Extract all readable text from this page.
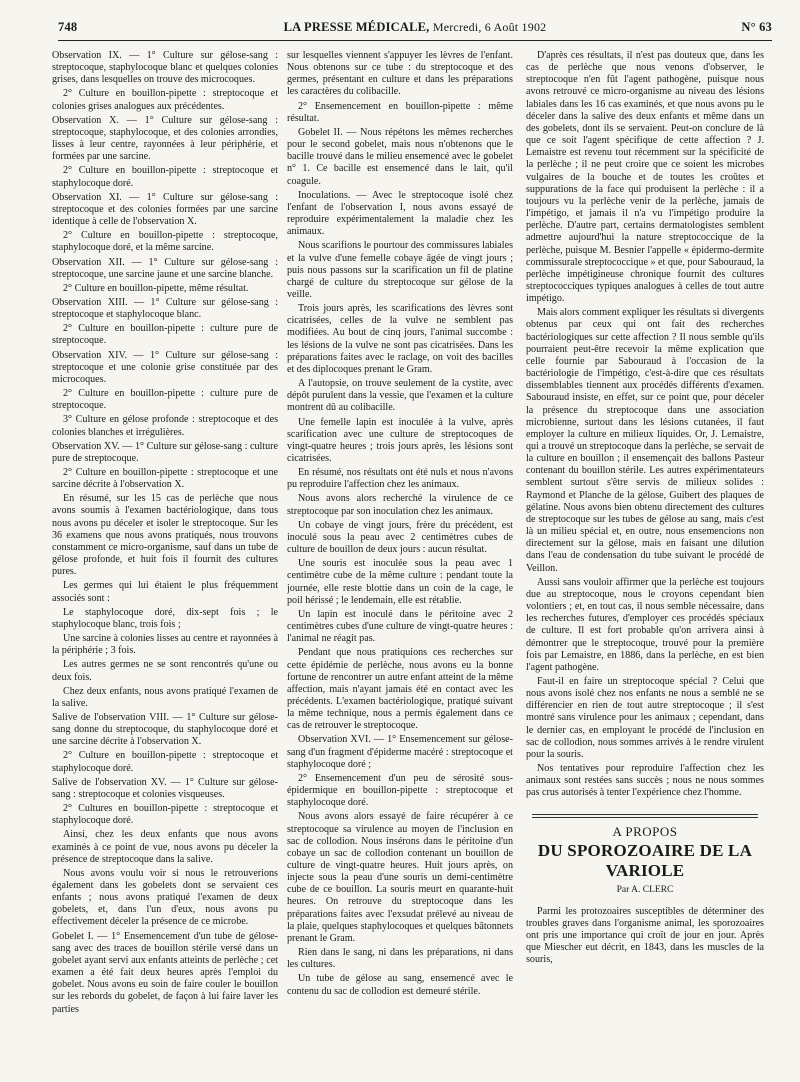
748	LA PRESSE MÉDICALE, Mercredi, 6 Août 1902	N° 63

Observation IX. — 1° Culture sur gélose-sang : streptocoque, staphylocoque blanc et quelques colonies grises, dans lesquelles on trouve des microcoques.

2° Culture en bouillon-pipette : streptocoque et colonies grises analogues aux précédentes.

Observation X. — 1° Culture sur gélose-sang : streptocoque, staphylocoque, et des colonies arrondies, lisses à leur centre, rayonnées à leur périphérie, et formées par une sarcine.

2° Culture en bouillon-pipette : streptocoque et staphylocoque doré.

Observation XI. — 1° Culture sur gélose-sang : streptocoque et des colonies formées par une sarcine identique à celle de l'observation X.

2° Culture en bouillon-pipette : streptocoque, staphylocoque doré, et la même sarcine.

Observation XII. — 1° Culture sur gélose-sang : streptocoque, une sarcine jaune et une sarcine blanche.

2° Culture en bouillon-pipette, même résultat.

Observation XIII. — 1° Culture sur gélose-sang : streptocoque et staphylocoque blanc.

2° Culture en bouillon-pipette : culture pure de streptocoque.

Observation XIV. — 1° Culture sur gélose-sang : streptocoque et une colonie grise constituée par des microcoques.

2° Culture en bouillon-pipette : culture pure de streptocoque.

3° Culture en gélose profonde : streptocoque et des colonies blanches et irrégulières.

Observation XV. — 1° Culture sur gélose-sang : culture pure de streptocoque.

2° Culture en bouillon-pipette : streptocoque et une sarcine décrite à l'observation X.

En résumé, sur les 15 cas de perlèche que nous avons soumis à l'examen bactériologique, dans tous nous avons pu déceler et isoler le streptocoque. Sur les 36 examens que nous avons pratiqués, nous trouvons constamment ce micro-organisme, sauf dans un tube de gélose profonde, et huit fois il fournit des cultures pures.

Les germes qui lui étaient le plus fréquemment associés sont :

Le staphylocoque doré, dix-sept fois ; le staphylocoque blanc, trois fois ;

Une sarcine à colonies lisses au centre et rayonnées à la périphérie ; 3 fois.

Les autres germes ne se sont rencontrés qu'une ou deux fois.

Chez deux enfants, nous avons pratiqué l'examen de la salive.

Salive de l'observation VIII. — 1° Culture sur gélose-sang donne du streptocoque, du staphylocoque doré et une sarcine décrite à l'observation X.

2° Culture en bouillon-pipette : streptocoque et staphylocoque doré.

Salive de l'observation XV. — 1° Culture sur gélose-sang : streptocoque et colonies visqueuses.

2° Cultures en bouillon-pipette : streptocoque et staphylocoque doré.

Ainsi, chez les deux enfants que nous avons examinés à ce point de vue, nous avons pu déceler la présence de streptocoque dans la salive.

Nous avons voulu voir si nous le retrouverions également dans les gobelets dont se servaient ces enfants ; nous avons pratiqué l'examen de deux gobelets, et, dans l'un d'eux, nous avons pu effectivement déceler la présence de ce microbe.

Gobelet I. — 1° Ensemencement d'un tube de gélose-sang avec des traces de bouillon stérile versé dans un gobelet ayant servi aux enfants atteints de perlèche ; cet examen a été fait deux heures après l'emploi du gobelet. Nous avons eu soin de faire couler le bouillon sur les rebords du gobelet, de façon à lui faire laver les parties

sur lesquelles viennent s'appuyer les lèvres de l'enfant. Nous obtenons sur ce tube : du streptocoque et des germes, présentant en culture et dans les préparations les caractères du colibacille.

2° Ensemencement en bouillon-pipette : même résultat.

Gobelet II. — Nous répétons les mêmes recherches pour le second gobelet, mais nous n'obtenons que le bacille trouvé dans le milieu ensemencé avec le gobelet n° 1. Ce bacille est ensemencé dans le lait, qu'il coagule.

Inoculations. — Avec le streptocoque isolé chez l'enfant de l'observation I, nous avons essayé de reproduire expérimentalement la maladie chez les animaux.

Nous scarifions le pourtour des commissures labiales et la vulve d'une femelle cobaye âgée de vingt jours ; puis nous passons sur la scarification un fil de platine chargé de culture du streptocoque sur gélose de la veille.

Trois jours après, les scarifications des lèvres sont cicatrisées, celles de la vulve ne semblent pas modifiées. Au bout de cinq jours, l'animal succombe : les lésions de la vulve ne sont pas cicatrisées. Dans les préparations faites avec le raclage, on voit des bacilles et des diplocoques prenant le Gram.

A l'autopsie, on trouve seulement de la cystite, avec dépôt purulent dans la vessie, que l'examen et la culture montrent dû au colibacille.

Une femelle lapin est inoculée à la vulve, après scarification avec une culture de streptocoques de vingt-quatre heures ; trois jours après, les lésions sont cicatrisées.

En résumé, nos résultats ont été nuls et nous n'avons pu reproduire l'affection chez les animaux.

Nous avons alors recherché la virulence de ce streptocoque par son inoculation chez les animaux.

Un cobaye de vingt jours, frère du précédent, est inoculé sous la peau avec 2 centimètres cubes de culture de bouillon de deux jours : aucun résultat.

Une souris est inoculée sous la peau avec 1 centimètre cube de la même culture : pendant toute la journée, elle reste blottie dans un coin de la cage, le poil hérissé ; le lendemain, elle est rétablie.

Un lapin est inoculé dans le péritoine avec 2 centimètres cubes d'une culture de vingt-quatre heures : l'animal ne réagit pas.

Pendant que nous pratiquions ces recherches sur cette épidémie de perlèche, nous avons eu la bonne fortune de rencontrer un autre enfant atteint de la même affection, mais n'ayant jamais été en contact avec les précédents. L'examen bactériologique, pratiqué suivant la même technique, nous a permis également dans ce cas de retrouver le streptocoque.

Observation XVI. — 1° Ensemencement sur gélose-sang d'un fragment d'épiderme macéré : streptocoque et staphylocoque doré ;

2° Ensemencement d'un peu de sérosité sous-épidermique en bouillon-pipette : streptocoque et staphylocoque doré.

Nous avons alors essayé de faire récupérer à ce streptocoque sa virulence au moyen de l'inclusion en sac de collodion. Nous insérons dans le péritoine d'un cobaye un sac de collodion contenant un bouillon de culture de vingt-quatre heures. Huit jours après, on injecte sous la peau d'une souris un demi-centimètre cube de ce bouillon. La souris meurt en quarante-huit heures. On retrouve du streptocoque dans les préparations faites avec l'exsudat prélevé au niveau de la plaie, quelques staphylocoques et quelques bâtonnets prenant le Gram.

Rien dans le sang, ni dans les préparations, ni dans les cultures.

Un tube de gélose au sang, ensemencé avec le contenu du sac de collodion est demeuré stérile.

D'après ces résultats, il n'est pas douteux que, dans les cas de perlèche que nous venons d'observer, le streptocoque n'en fût l'agent pathogène, puisque nous avons retrouvé ce micro-organisme au niveau des lésions labiales dans les 16 cas examinés, et que nous avons pu le déceler dans la salive des deux enfants et même dans un des gobelets, dont ils se servaient. Peut-on conclure de là que ce soit l'agent spécifique de cette affection ? J. Lemaistre est revenu tout récemment sur la spécificité de la perlèche ; il ne peut croire que ce soient les microbes vulgaires de la bouche et de toutes les croûtes et suppurations de la face qui produisent la perlèche : il a toujours vu la perlèche venir de la perlèche, jamais de l'impétigo, et jamais il n'a vu l'impétigo produire la perlèche. D'autre part, certains dermatologistes semblent admettre aujourd'hui la nature streptococcique de la perlèche, puisque M. Besnier l'appelle « épidermo-dermite commissurale streptococcique » et que, pour Sabouraud, la perlèche impétigineuse chronique fournit des cultures streptococciques typiques analogues à celles de tout autre impétigo.

Mais alors comment expliquer les résultats si divergents obtenus par ceux qui ont fait des recherches bactériologiques sur cette affection ? Il nous semble qu'ils pourraient peut-être recevoir la même explication que celle fournie par Sabouraud à l'occasion de la bactériologie de l'impétigo, c'est-à-dire que ces résultats dissemblables tiennent aux procédés différents d'examen. Sabouraud insiste, en effet, sur ce point que, pour déceler la présence du streptocoque dans une association microbienne, surtout dans les lésions cutanées, il faut employer la culture en milieux liquides. Or, J. Lemaistre, qui a trouvé un streptocoque dans la perlèche, se servait de la culture en bouillon ; il ensemençait des ballons Pasteur contenant du bouillon stérile. Les autres expérimentateurs semblent surtout s'être servis de milieux solides : Raymond et Planche de la gélose, Guibert des plaques de gélatine. Nous avons bien obtenu directement des cultures de streptocoque sur les tubes de gélose au sang, mais c'est là un milieu spécial et, en outre, nous ensemencions non directement sur la gélose, mais en faisant une dilution dans l'eau de condensation du tube suivant le procédé de Veillon.

Aussi sans vouloir affirmer que la perlèche est toujours due au streptocoque, nous le croyons cependant bien volontiers ; et, en tout cas, il nous semble nécessaire, dans les recherches futures, d'employer ces procédés spéciaux de culture. Il est fort probable qu'on arrivera ainsi à démontrer que le streptocoque, trouvé pour la première fois par Lemaistre, en 1886, dans la perlèche, en est bien l'agent pathogène.

Faut-il en faire un streptocoque spécial ? Celui que nous avons isolé chez nos enfants ne nous a semblé ne se différencier en rien de tout autre streptocoque ; il s'est montré sans virulence pour les animaux ; cependant, dans le dernier cas, en employant le procédé de l'inclusion en sac de collodion, nous sommes arrivés à le rendre virulent pour la souris.

Nos tentatives pour reproduire l'affection chez les animaux sont restées sans succès ; nous ne nous sommes pas crus autorisés à tenter l'expérience chez l'homme.

A PROPOS
DU SPOROZOAIRE DE LA VARIOLE
Par A. CLERC

Parmi les protozoaires susceptibles de déterminer des troubles graves dans l'organisme animal, les sporozoaires ont pris une importance qui croît de jour en jour. Après que Miescher eut décrit, en 1843, dans les muscles de la souris,
